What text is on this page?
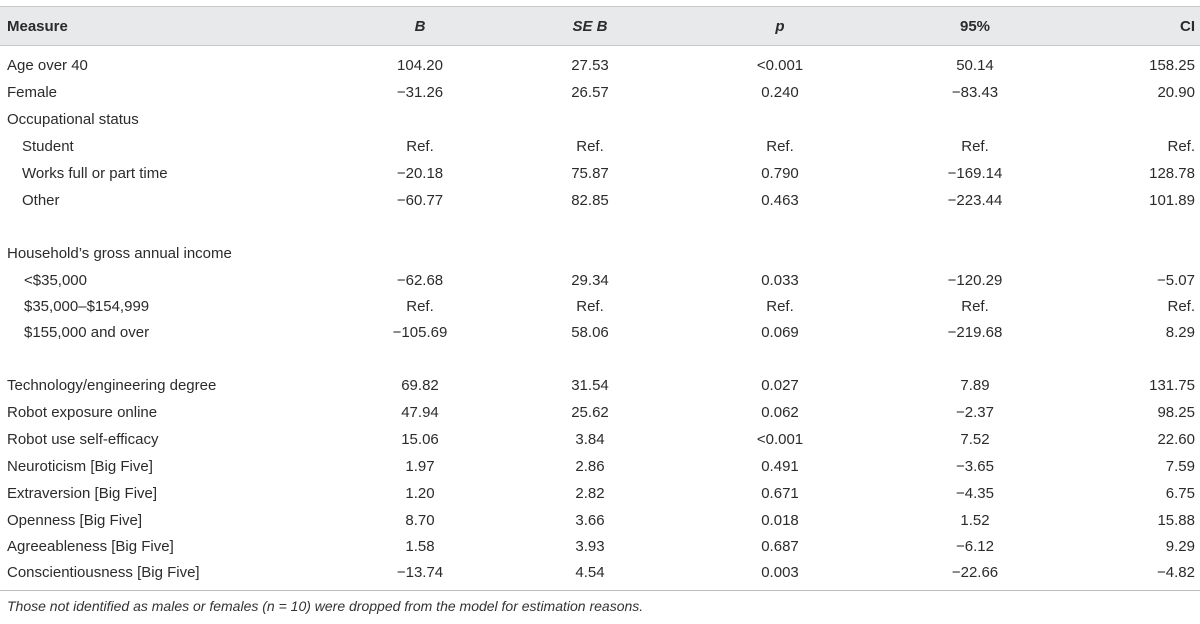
Measure	B	SE B	p	95%	CI
Age over 40	104.20	27.53	<0.001	50.14	158.25
Female	−31.26	26.57	0.240	−83.43	20.90
Occupational status
Student	Ref.	Ref.	Ref.	Ref.	Ref.
Works full or part time	−20.18	75.87	0.790	−169.14	128.78
Other	−60.77	82.85	0.463	−223.44	101.89
Household’s gross annual income
<$35,000	−62.68	29.34	0.033	−120.29	−5.07
$35,000–$154,999	Ref.	Ref.	Ref.	Ref.	Ref.
$155,000 and over	−105.69	58.06	0.069	−219.68	8.29
Technology/engineering degree	69.82	31.54	0.027	7.89	131.75
Robot exposure online	47.94	25.62	0.062	−2.37	98.25
Robot use self-efficacy	15.06	3.84	<0.001	7.52	22.60
Neuroticism [Big Five]	1.97	2.86	0.491	−3.65	7.59
Extraversion [Big Five]	1.20	2.82	0.671	−4.35	6.75
Openness [Big Five]	8.70	3.66	0.018	1.52	15.88
Agreeableness [Big Five]	1.58	3.93	0.687	−6.12	9.29
Conscientiousness [Big Five]	−13.74	4.54	0.003	−22.66	−4.82
Those not identified as males or females (n = 10) were dropped from the model for estimation reasons.
